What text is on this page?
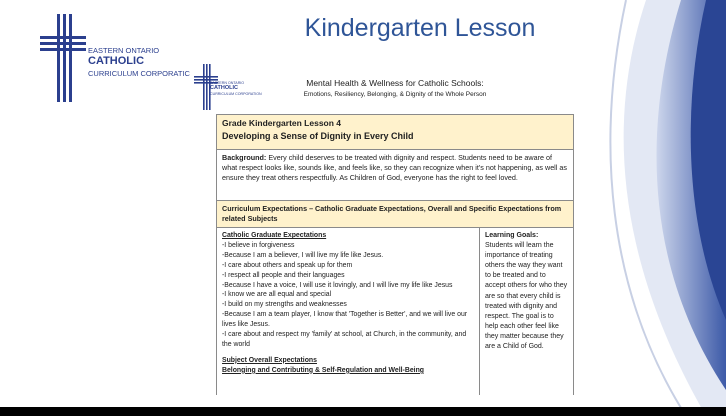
Kindergarten Lesson
EASTERN ONTARIO
CATHOLIC
CURRICULUM CORPORATIC
EASTERN ONTARIO
CATHOLIC
CURRICULUM CORPORATION
Mental Health & Wellness for Catholic Schools:
Emotions, Resiliency, Belonging, & Dignity of the Whole Person
Grade Kindergarten Lesson 4
Developing a Sense of Dignity in Every Child
Background: Every child deserves to be treated with dignity and respect. Students need to be aware of what respect looks like, sounds like, and feels like, so they can recognize when it's not happening, as well as ensure they treat others respectfully. As Children of God, everyone has the right to feel loved.
Curriculum Expectations – Catholic Graduate Expectations, Overall and Specific Expectations from related Subjects
Catholic Graduate Expectations
-I believe in forgiveness
-Because I am a believer, I will live my life like Jesus.
-I care about others and speak up for them
-I respect all people and their languages
-Because I have a voice, I will use it lovingly, and I will live my life like Jesus
-I know we are all equal and special
-I build on my strengths and weaknesses
-Because I am a team player, I know that 'Together is Better', and we will live our lives like Jesus.
-I care about and respect my 'family' at school, at Church, in the community, and the world
Subject Overall Expectations
Belonging and Contributing & Self-Regulation and Well-Being
Learning Goals:
Students will learn the importance of treating others the way they want to be treated and to accept others for who they are so that every child is treated with dignity and respect. The goal is to help each other feel like they matter because they are a Child of God.
